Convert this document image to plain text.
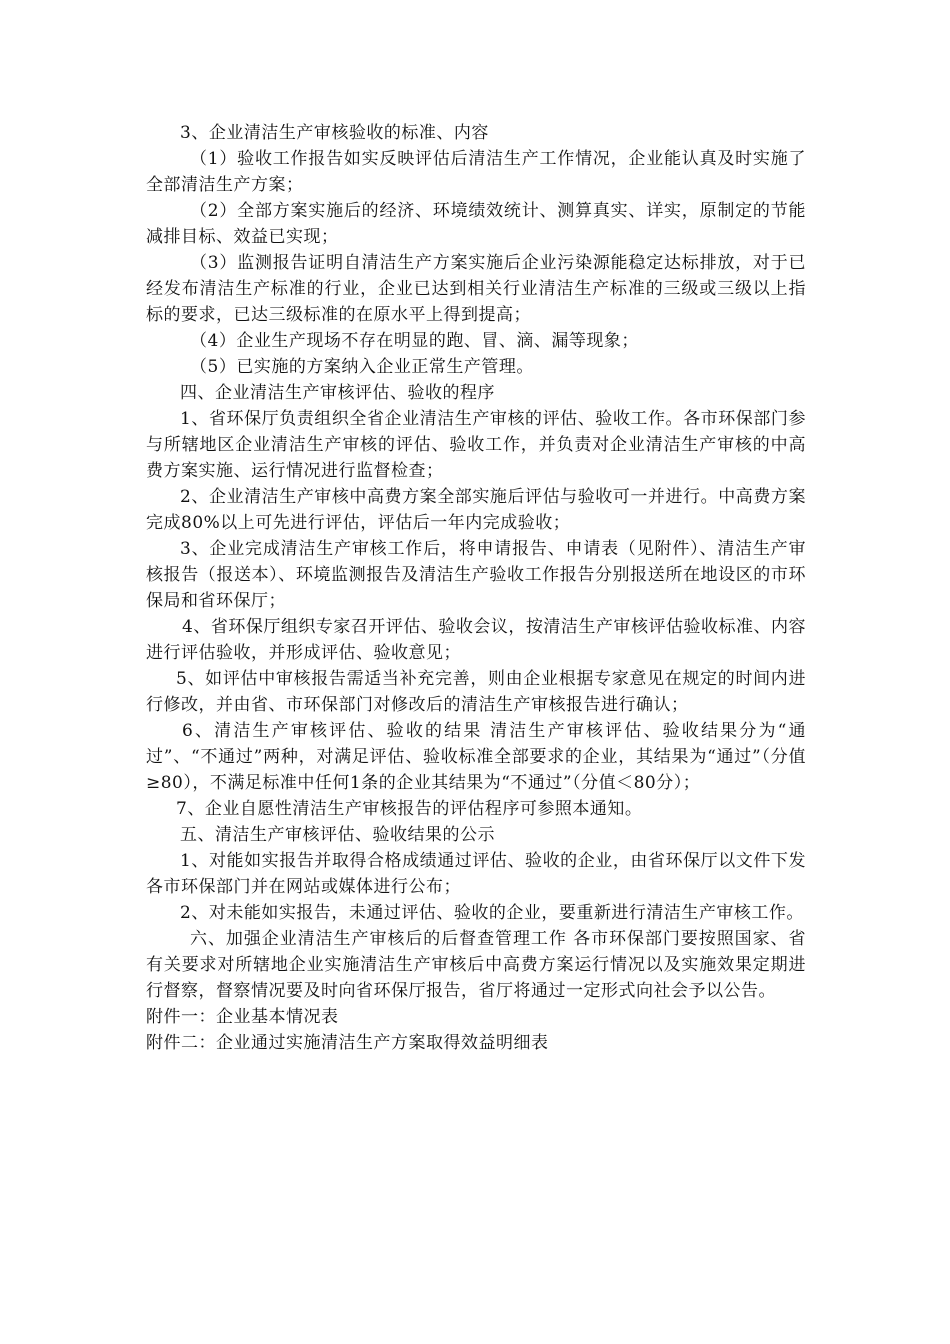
3、企业清洁生产审核验收的标准、内容

（1）验收工作报告如实反映评估后清洁生产工作情况，企业能认真及时实施了全部清洁生产方案；

（2）全部方案实施后的经济、环境绩效统计、测算真实、详实，原制定的节能减排目标、效益已实现；

（3）监测报告证明自清洁生产方案实施后企业污染源能稳定达标排放，对于已经发布清洁生产标准的行业，企业已达到相关行业清洁生产标准的三级或三级以上指标的要求，已达三级标准的在原水平上得到提高；

（4）企业生产现场不存在明显的跑、冒、滴、漏等现象；

（5）已实施的方案纳入企业正常生产管理。

四、企业清洁生产审核评估、验收的程序

1、省环保厅负责组织全省企业清洁生产审核的评估、验收工作。各市环保部门参与所辖地区企业清洁生产审核的评估、验收工作，并负责对企业清洁生产审核的中高费方案实施、运行情况进行监督检查；

2、企业清洁生产审核中高费方案全部实施后评估与验收可一并进行。中高费方案完成80%以上可先进行评估，评估后一年内完成验收；

3、企业完成清洁生产审核工作后，将申请报告、申请表（见附件）、清洁生产审核报告（报送本）、环境监测报告及清洁生产验收工作报告分别报送所在地设区的市环保局和省环保厅；

4、省环保厅组织专家召开评估、验收会议，按清洁生产审核评估验收标准、内容进行评估验收，并形成评估、验收意见；

5、如评估中审核报告需适当补充完善，则由企业根据专家意见在规定的时间内进行修改，并由省、市环保部门对修改后的清洁生产审核报告进行确认；

6、清洁生产审核评估、验收的结果 清洁生产审核评估、验收结果分为“通过”、“不通过”两种，对满足评估、验收标准全部要求的企业，其结果为“通过”（分值≥80），不满足标准中任何1条的企业其结果为“不通过”（分值＜80分）；

7、企业自愿性清洁生产审核报告的评估程序可参照本通知。

五、清洁生产审核评估、验收结果的公示

1、对能如实报告并取得合格成绩通过评估、验收的企业，由省环保厅以文件下发各市环保部门并在网站或媒体进行公布；

2、对未能如实报告，未通过评估、验收的企业，要重新进行清洁生产审核工作。

六、加强企业清洁生产审核后的后督查管理工作 各市环保部门要按照国家、省有关要求对所辖地企业实施清洁生产审核后中高费方案运行情况以及实施效果定期进行督察，督察情况要及时向省环保厅报告，省厅将通过一定形式向社会予以公告。

附件一：企业基本情况表

附件二：企业通过实施清洁生产方案取得效益明细表
